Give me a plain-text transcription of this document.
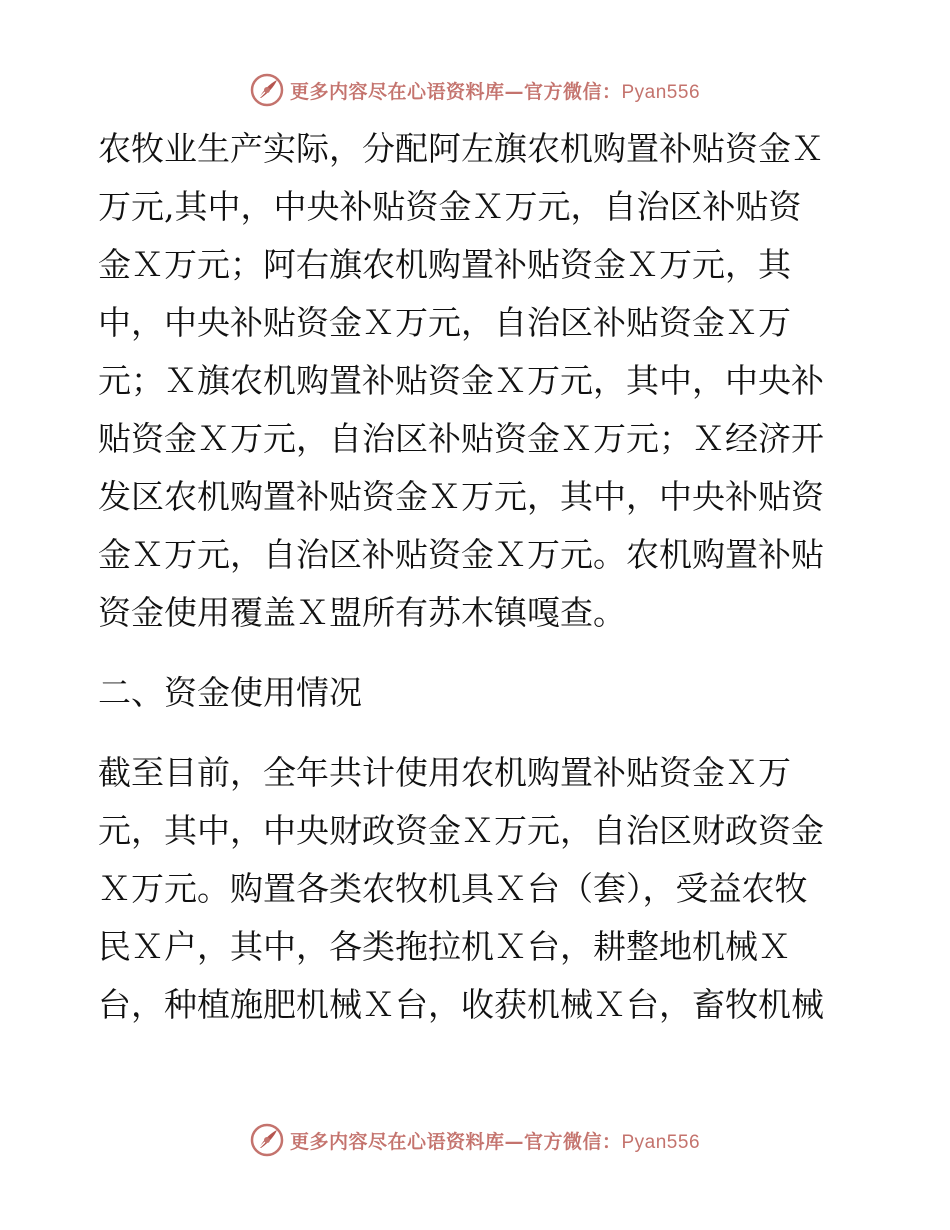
更多内容尽在心语资料库—官方微信：Pyan556
农牧业生产实际，分配阿左旗农机购置补贴资金Ｘ
万元,其中，中央补贴资金Ｘ万元，自治区补贴资
金Ｘ万元；阿右旗农机购置补贴资金Ｘ万元，其
中，中央补贴资金Ｘ万元，自治区补贴资金Ｘ万
元；Ｘ旗农机购置补贴资金Ｘ万元，其中，中央补
贴资金Ｘ万元，自治区补贴资金Ｘ万元；Ｘ经济开
发区农机购置补贴资金Ｘ万元，其中，中央补贴资
金Ｘ万元，自治区补贴资金Ｘ万元。农机购置补贴
资金使用覆盖Ｘ盟所有苏木镇嘎查。
二、资金使用情况
截至目前，全年共计使用农机购置补贴资金Ｘ万
元，其中，中央财政资金Ｘ万元，自治区财政资金
Ｘ万元。购置各类农牧机具Ｘ台（套），受益农牧
民Ｘ户，其中，各类拖拉机Ｘ台，耕整地机械Ｘ
台，种植施肥机械Ｘ台，收获机械Ｘ台，畜牧机械
更多内容尽在心语资料库—官方微信：Pyan556
